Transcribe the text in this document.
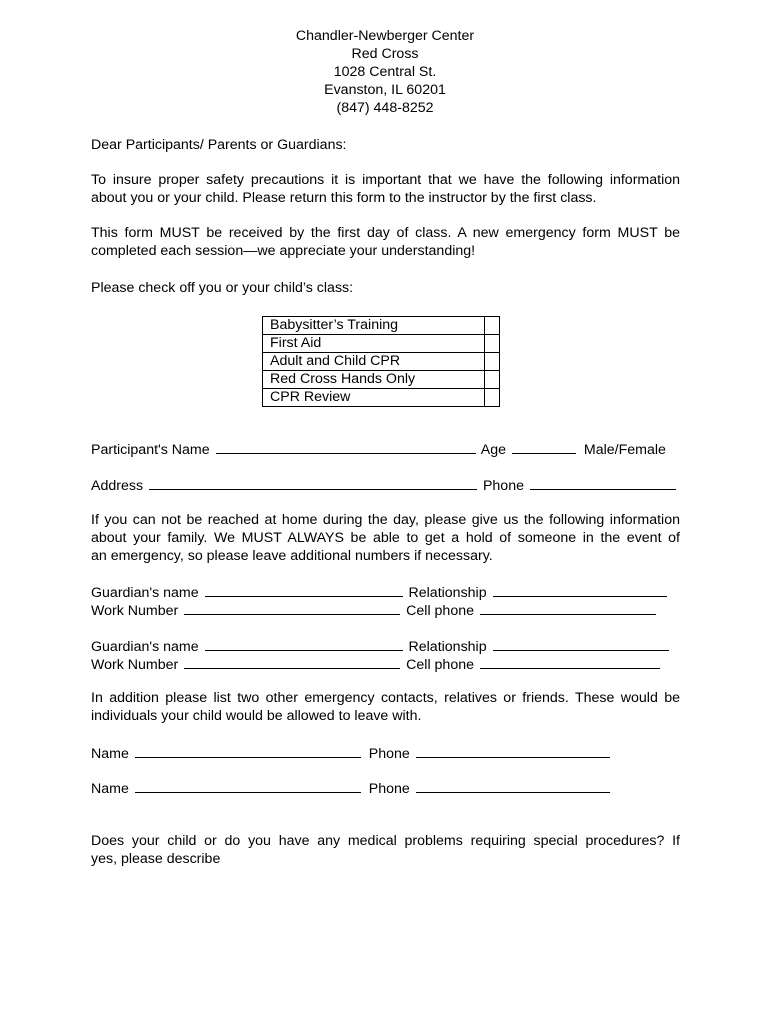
Chandler-Newberger Center
Red Cross
1028 Central St.
Evanston, IL 60201
(847) 448-8252
Dear Participants/ Parents or Guardians:
To insure proper safety precautions it is important that we have the following information
about you or your child. Please return this form to the instructor by the first class.
This form MUST be received by the first day of class. A new emergency form MUST be
completed each session—we appreciate your understanding!
Please check off you or your child’s class:
Babysitter’s Training	
First Aid	
Adult and Child CPR	
Red Cross Hands Only	
CPR Review	
Participant's Name	Age	Male/Female
Address	Phone
If you can not be reached at home during the day, please give us the following information
about your family. We MUST ALWAYS be able to get a hold of someone in the event of
an emergency, so please leave additional numbers if necessary.
Guardian's name	Relationship
Work Number	Cell phone
Guardian's name	Relationship
Work Number	Cell phone
In addition please list two other emergency contacts, relatives or friends. These would be
individuals your child would be allowed to leave with.
Name	Phone
Name	Phone
Does your child or do you have any medical problems requiring special procedures? If
yes, please describe
